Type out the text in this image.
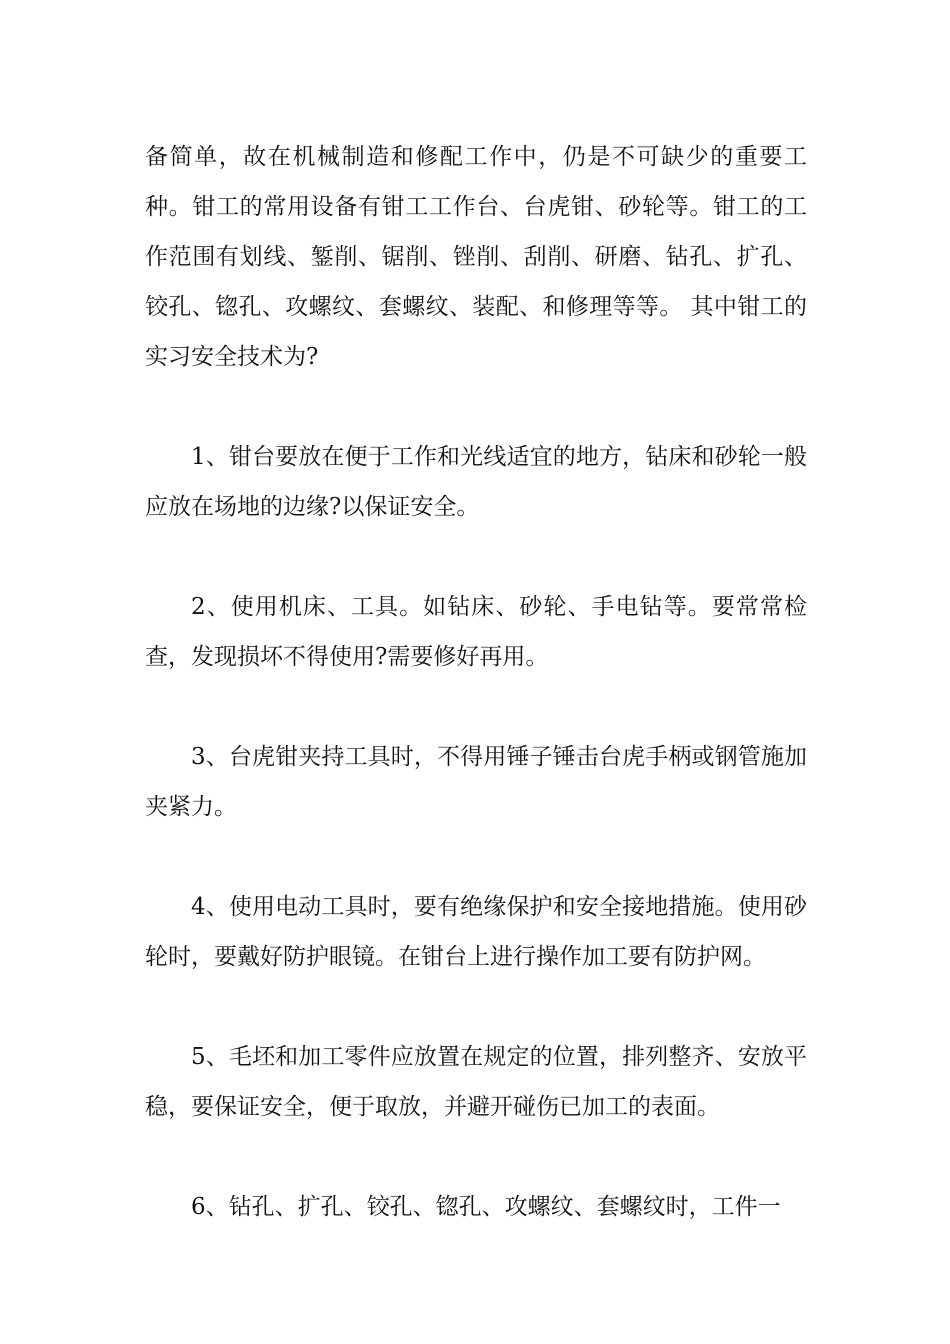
备简单，故在机械制造和修配工作中，仍是不可缺少的重要工种。钳工的常用设备有钳工工作台、台虎钳、砂轮等。钳工的工作范围有划线、錾削、锯削、锉削、刮削、研磨、钻孔、扩孔、铰孔、锪孔、攻螺纹、套螺纹、装配、和修理等等。 其中钳工的实习安全技术为?

1、钳台要放在便于工作和光线适宜的地方，钻床和砂轮一般应放在场地的边缘?以保证安全。

2、使用机床、工具。如钻床、砂轮、手电钻等。要常常检查，发现损坏不得使用?需要修好再用。

3、台虎钳夹持工具时，不得用锤子锤击台虎手柄或钢管施加夹紧力。

4、使用电动工具时，要有绝缘保护和安全接地措施。使用砂轮时，要戴好防护眼镜。在钳台上进行操作加工要有防护网。

5、毛坯和加工零件应放置在规定的位置，排列整齐、安放平稳，要保证安全，便于取放，并避开碰伤已加工的表面。

6、钻孔、扩孔、铰孔、锪孔、攻螺纹、套螺纹时，工件一
